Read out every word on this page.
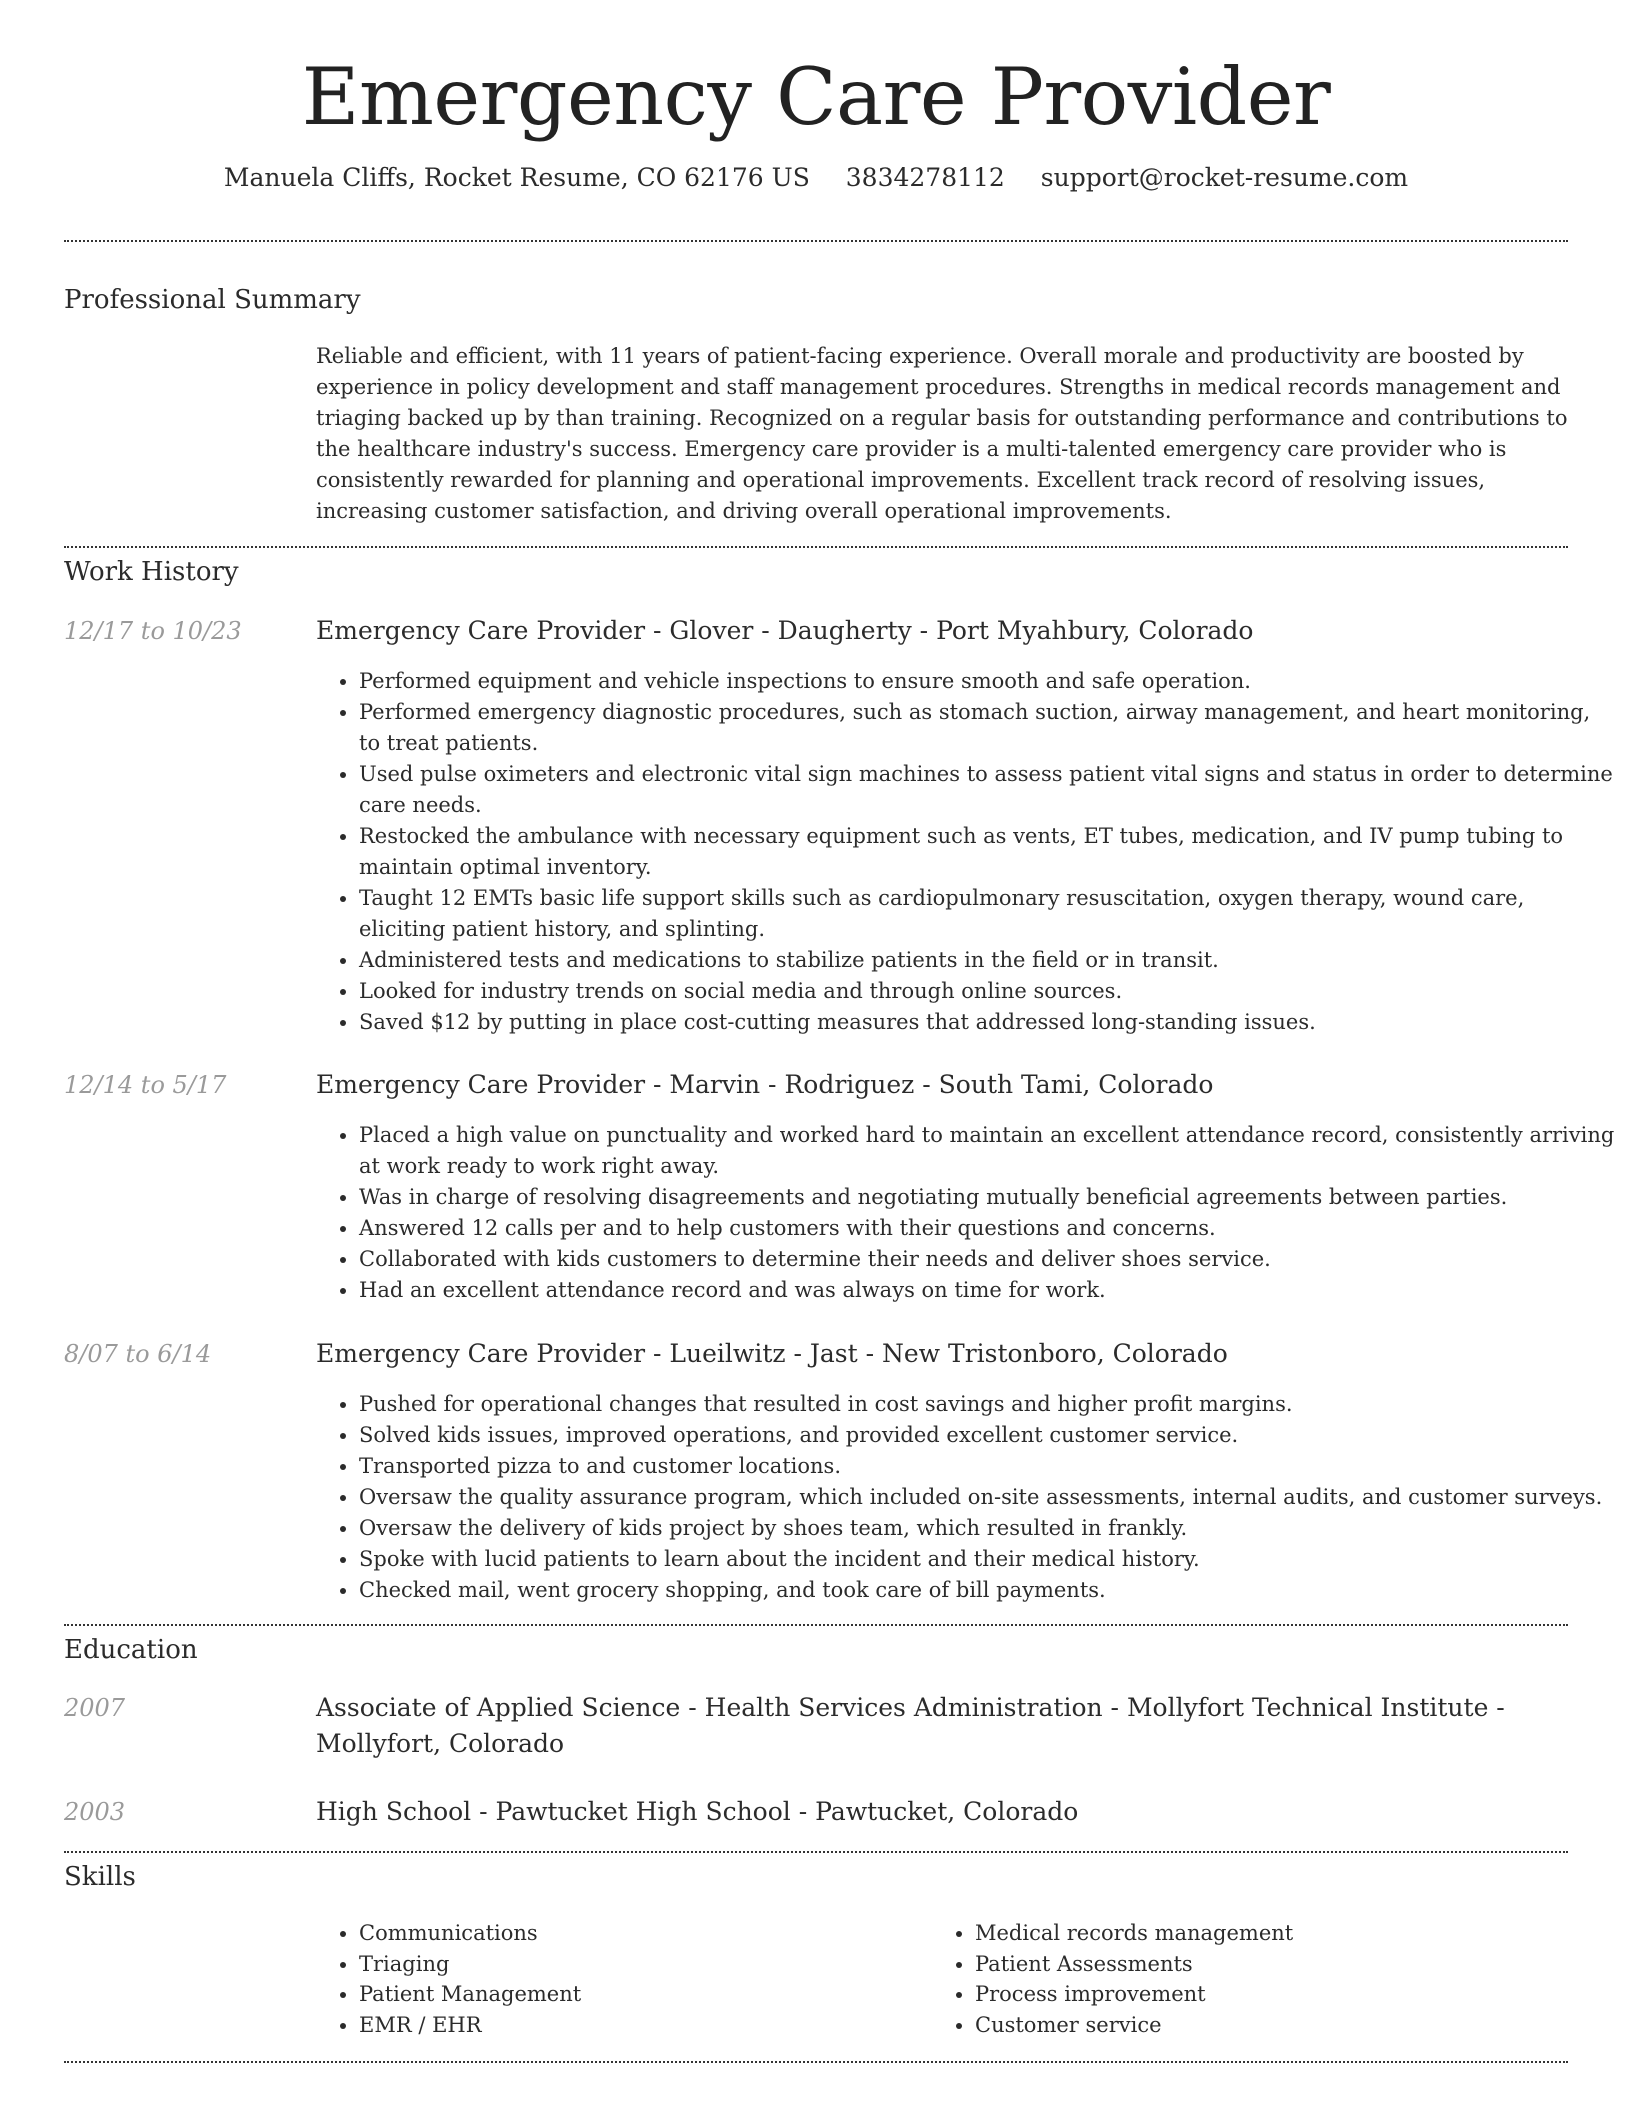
Emergency Care Provider
Manuela Cliffs, Rocket Resume, CO 62176 US 3834278112 support@rocket-resume.com
Professional Summary

Reliable and efficient, with 11 years of patient-facing experience. Overall morale and productivity are boosted by experience in policy development and staff management procedures. Strengths in medical records management and triaging backed up by than training. Recognized on a regular basis for outstanding performance and contributions to the healthcare industry's success. Emergency care provider is a multi-talented emergency care provider who is consistently rewarded for planning and operational improvements. Excellent track record of resolving issues, increasing customer satisfaction, and driving overall operational improvements.

Work History
12/17 to 10/23	Emergency Care Provider - Glover - Daugherty - Port Myahbury, Colorado
• Performed equipment and vehicle inspections to ensure smooth and safe operation.
• Performed emergency diagnostic procedures, such as stomach suction, airway management, and heart monitoring, to treat patients.
• Used pulse oximeters and electronic vital sign machines to assess patient vital signs and status in order to determine care needs.
• Restocked the ambulance with necessary equipment such as vents, ET tubes, medication, and IV pump tubing to maintain optimal inventory.
• Taught 12 EMTs basic life support skills such as cardiopulmonary resuscitation, oxygen therapy, wound care, eliciting patient history, and splinting.
• Administered tests and medications to stabilize patients in the field or in transit.
• Looked for industry trends on social media and through online sources.
• Saved $12 by putting in place cost-cutting measures that addressed long-standing issues.
12/14 to 5/17	Emergency Care Provider - Marvin - Rodriguez - South Tami, Colorado
• Placed a high value on punctuality and worked hard to maintain an excellent attendance record, consistently arriving at work ready to work right away.
• Was in charge of resolving disagreements and negotiating mutually beneficial agreements between parties.
• Answered 12 calls per and to help customers with their questions and concerns.
• Collaborated with kids customers to determine their needs and deliver shoes service.
• Had an excellent attendance record and was always on time for work.
8/07 to 6/14	Emergency Care Provider - Lueilwitz - Jast - New Tristonboro, Colorado
• Pushed for operational changes that resulted in cost savings and higher profit margins.
• Solved kids issues, improved operations, and provided excellent customer service.
• Transported pizza to and customer locations.
• Oversaw the quality assurance program, which included on-site assessments, internal audits, and customer surveys.
• Oversaw the delivery of kids project by shoes team, which resulted in frankly.
• Spoke with lucid patients to learn about the incident and their medical history.
• Checked mail, went grocery shopping, and took care of bill payments.
Education
2007	Associate of Applied Science - Health Services Administration - Mollyfort Technical Institute - Mollyfort, Colorado
2003	High School - Pawtucket High School - Pawtucket, Colorado
Skills
• Communications
• Triaging
• Patient Management
• EMR / EHR
• Medical records management
• Patient Assessments
• Process improvement
• Customer service
